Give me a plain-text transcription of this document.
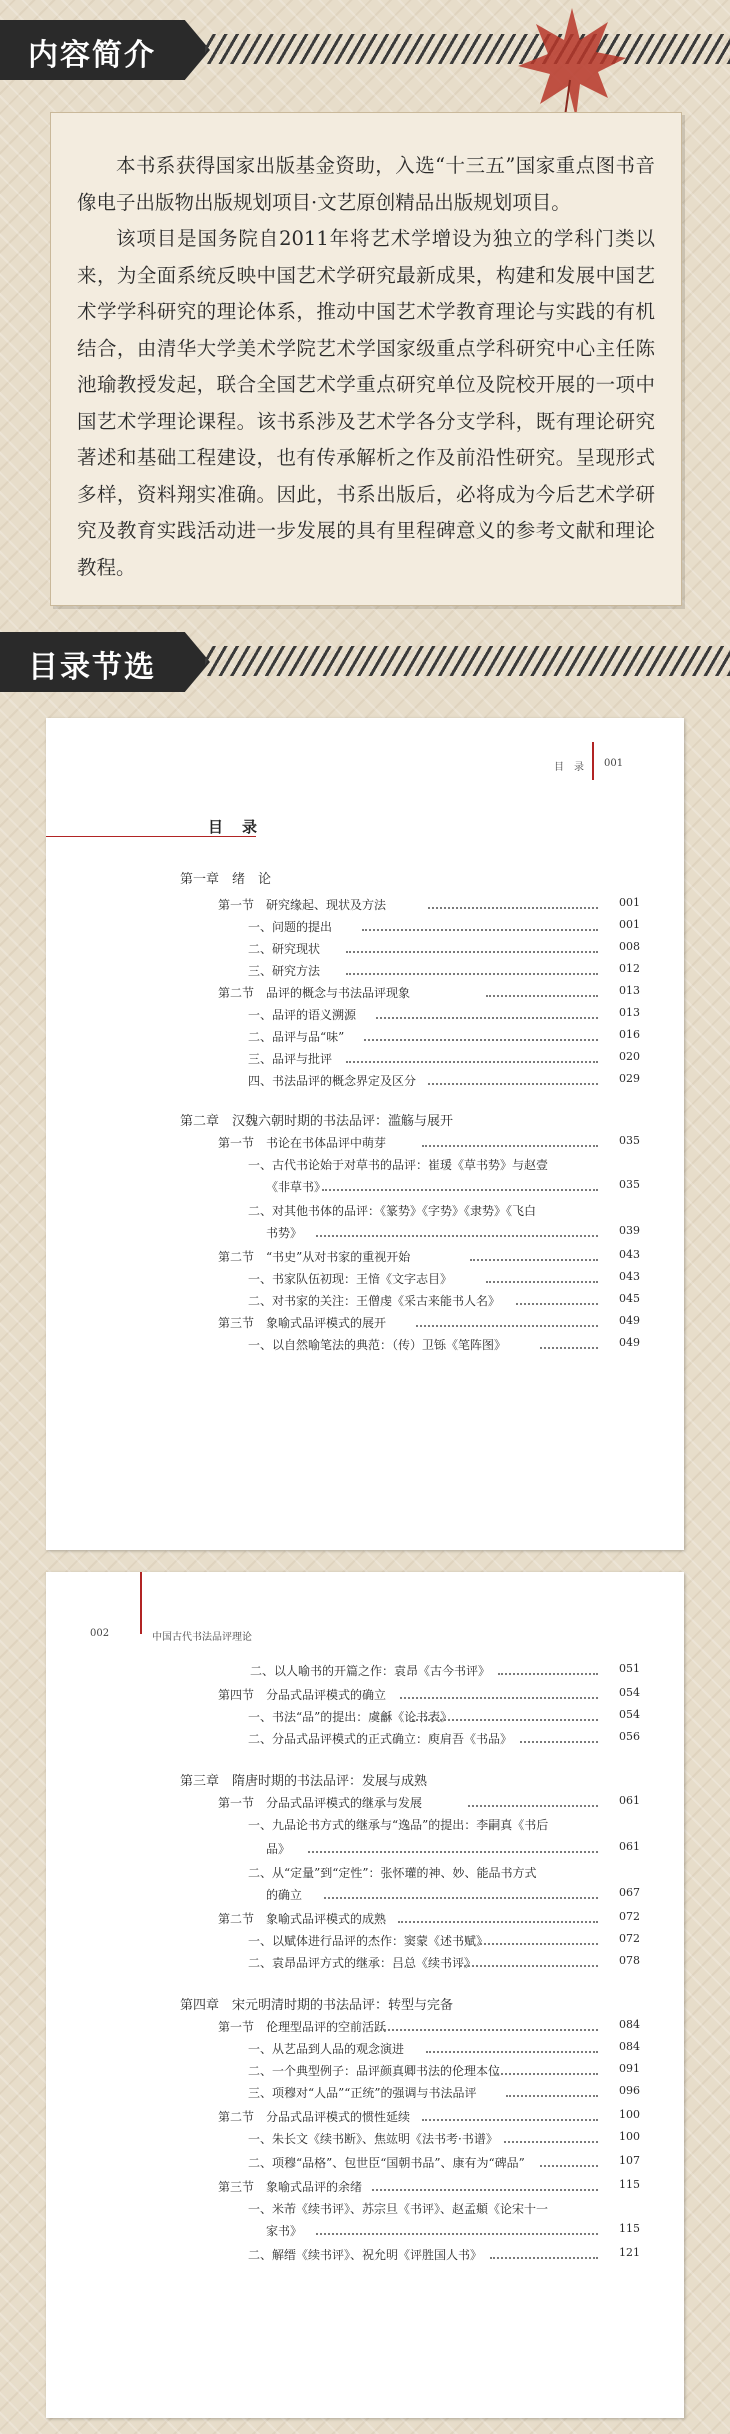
内容简介

本书系获得国家出版基金资助，入选“十三五”国家重点图书音像电子出版物出版规划项目·文艺原创精品出版规划项目。

该项目是国务院自2011年将艺术学增设为独立的学科门类以来，为全面系统反映中国艺术学研究最新成果，构建和发展中国艺术学学科研究的理论体系，推动中国艺术学教育理论与实践的有机结合，由清华大学美术学院艺术学国家级重点学科研究中心主任陈池瑜教授发起，联合全国艺术学重点研究单位及院校开展的一项中国艺术学理论课程。该书系涉及艺术学各分支学科，既有理论研究著述和基础工程建设，也有传承解析之作及前沿性研究。呈现形式多样，资料翔实准确。因此，书系出版后，必将成为今后艺术学研究及教育实践活动进一步发展的具有里程碑意义的参考文献和理论教程。

目录节选
目　录 001
目　录
第一章　绪　论
第一节　研究缘起、现状及方法	001
一、问题的提出	001
二、研究现状	008
三、研究方法	012
第二节　品评的概念与书法品评现象	013
一、品评的语义溯源	013
二、品评与品“味”	016
三、品评与批评	020
四、书法品评的概念界定及区分	029
第二章　汉魏六朝时期的书法品评：滥觞与展开
第一节　书论在书体品评中萌芽	035
一、古代书论始于对草书的品评：崔瑗《草书势》与赵壹
《非草书》	035
二、对其他书体的品评：《篆势》《字势》《隶势》《飞白
书势》	039
第二节　“书史”从对书家的重视开始	043
一、书家队伍初现：王愔《文字志目》	043
二、对书家的关注：王僧虔《采古来能书人名》	045
第三节　象喻式品评模式的展开	049
一、以自然喻笔法的典范：（传）卫铄《笔阵图》	049
002	中国古代书法品评理论
二、以人喻书的开篇之作：袁昂《古今书评》	051
第四节　分品式品评模式的确立	054
一、书法“品”的提出：虞龢《论书表》	054
二、分品式品评模式的正式确立：庾肩吾《书品》	056
第三章　隋唐时期的书法品评：发展与成熟
第一节　分品式品评模式的继承与发展	061
一、九品论书方式的继承与“逸品”的提出：李嗣真《书后
品》	061
二、从“定量”到“定性”：张怀瓘的神、妙、能品书方式
的确立	067
第二节　象喻式品评模式的成熟	072
一、以赋体进行品评的杰作：窦蒙《述书赋》	072
二、袁昂品评方式的继承：吕总《续书评》	078
第四章　宋元明清时期的书法品评：转型与完备
第一节　伦理型品评的空前活跃	084
一、从艺品到人品的观念演进	084
二、一个典型例子：品评颜真卿书法的伦理本位	091
三、项穆对“人品”“正统”的强调与书法品评	096
第二节　分品式品评模式的惯性延续	100
一、朱长文《续书断》、焦竑明《法书考·书谱》	100
二、项穆“品格”、包世臣“国朝书品”、康有为“碑品”	107
第三节　象喻式品评的余绪	115
一、米芾《续书评》、苏宗旦《书评》、赵孟頫《论宋十一
家书》	115
二、解缙《续书评》、祝允明《评胜国人书》	121
